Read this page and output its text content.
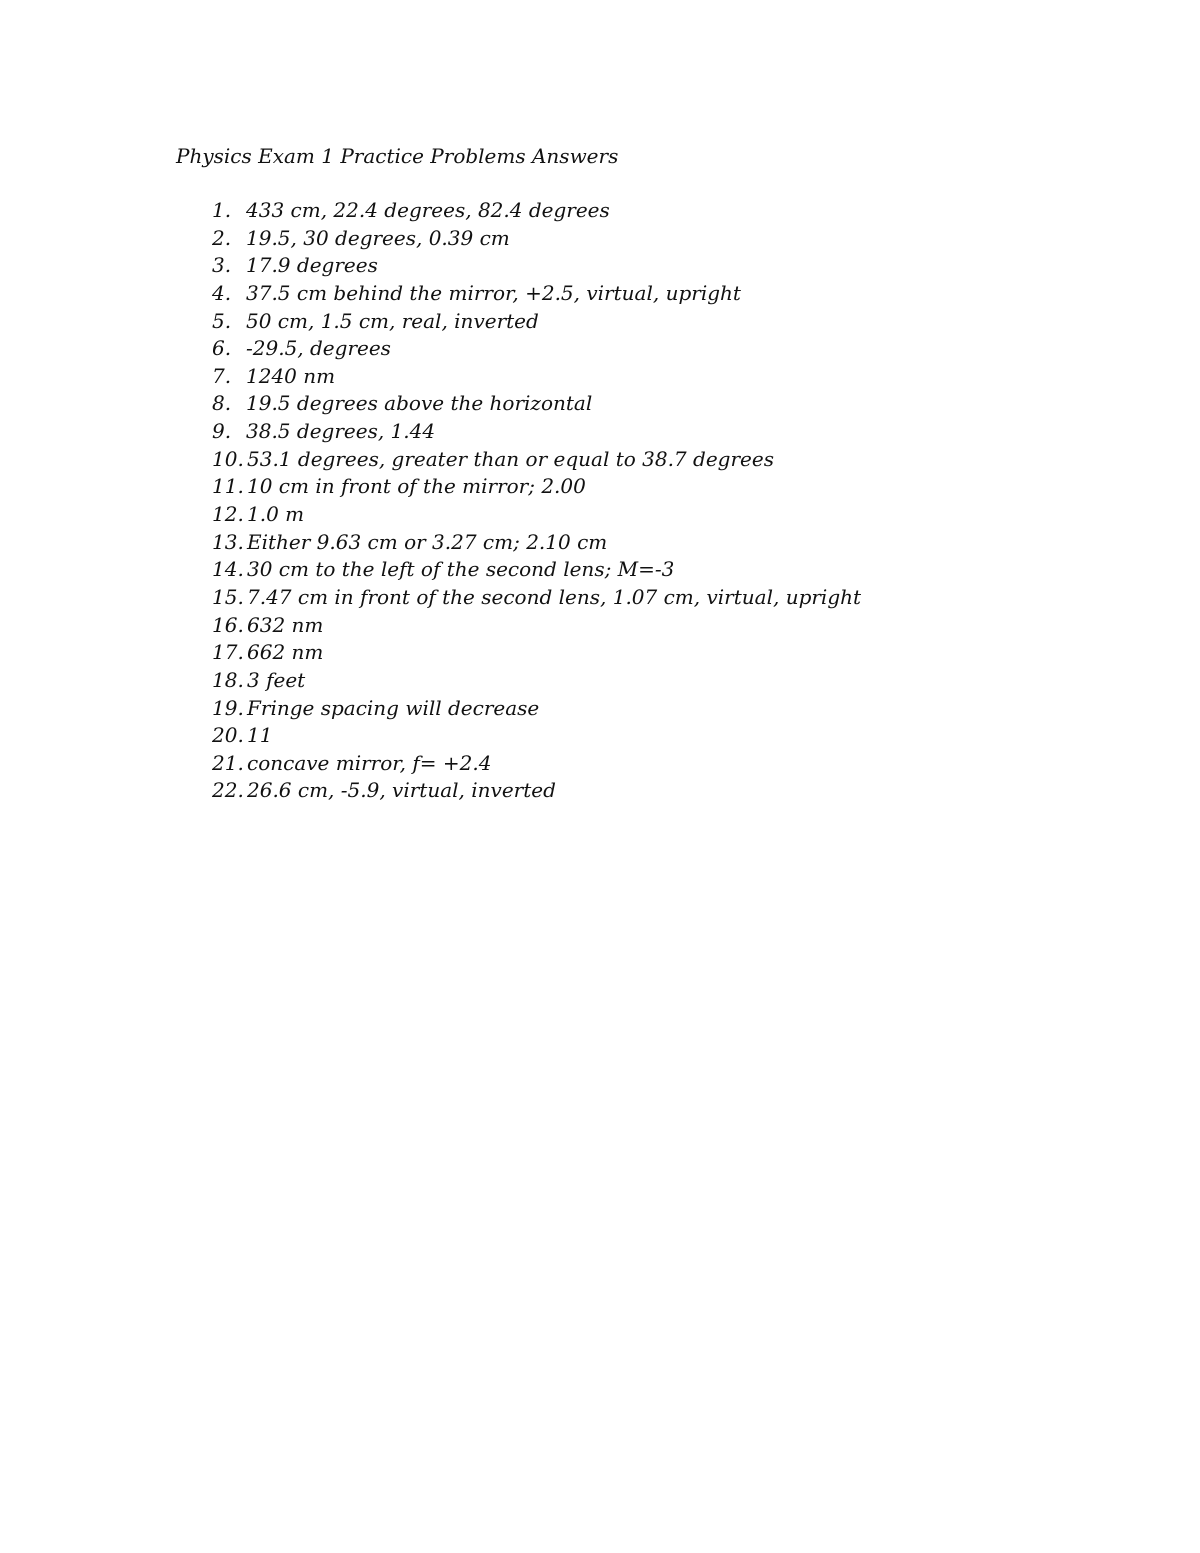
Physics Exam 1 Practice Problems Answers
1. 433 cm, 22.4 degrees, 82.4 degrees
2. 19.5, 30 degrees, 0.39 cm
3. 17.9 degrees
4. 37.5 cm behind the mirror, +2.5, virtual, upright
5. 50 cm, 1.5 cm, real, inverted
6. -29.5, degrees
7. 1240 nm
8. 19.5 degrees above the horizontal
9. 38.5 degrees, 1.44
10. 53.1 degrees, greater than or equal to 38.7 degrees
11. 10 cm in front of the mirror; 2.00
12. 1.0 m
13. Either 9.63 cm or 3.27 cm; 2.10 cm
14. 30 cm to the left of the second lens; M=-3
15. 7.47 cm in front of the second lens, 1.07 cm, virtual, upright
16. 632 nm
17. 662 nm
18. 3 feet
19. Fringe spacing will decrease
20. 11
21. concave mirror, f= +2.4
22. 26.6 cm, -5.9, virtual, inverted
